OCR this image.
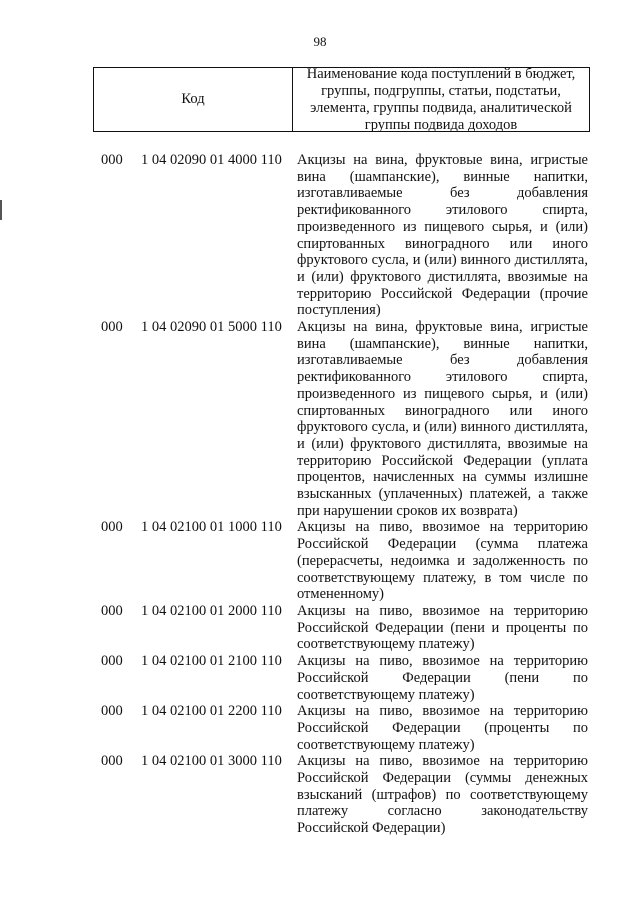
98
Код
Наименование кода поступлений в бюджет, группы, подгруппы, статьи, подстатьи, элемента, группы подвида, аналитической группы подвида доходов
000 1 04 02090 01 4000 110 Акцизы на вина, фруктовые вина, игристые вина (шампанские), винные напитки, изготавливаемые без добавления ректификованного этилового спирта, произведенного из пищевого сырья, и (или) спиртованных виноградного или иного фруктового сусла, и (или) винного дистиллята, и (или) фруктового дистиллята, ввозимые на территорию Российской Федерации (прочие поступления)
000 1 04 02090 01 5000 110 Акцизы на вина, фруктовые вина, игристые вина (шампанские), винные напитки, изготавливаемые без добавления ректификованного этилового спирта, произведенного из пищевого сырья, и (или) спиртованных виноградного или иного фруктового сусла, и (или) винного дистиллята, и (или) фруктового дистиллята, ввозимые на территорию Российской Федерации (уплата процентов, начисленных на суммы излишне взысканных (уплаченных) платежей, а также при нарушении сроков их возврата)
000 1 04 02100 01 1000 110 Акцизы на пиво, ввозимое на территорию Российской Федерации (сумма платежа (перерасчеты, недоимка и задолженность по соответствующему платежу, в том числе по отмененному)
000 1 04 02100 01 2000 110 Акцизы на пиво, ввозимое на территорию Российской Федерации (пени и проценты по соответствующему платежу)
000 1 04 02100 01 2100 110 Акцизы на пиво, ввозимое на территорию Российской Федерации (пени по соответствующему платежу)
000 1 04 02100 01 2200 110 Акцизы на пиво, ввозимое на территорию Российской Федерации (проценты по соответствующему платежу)
000 1 04 02100 01 3000 110 Акцизы на пиво, ввозимое на территорию Российской Федерации (суммы денежных взысканий (штрафов) по соответствующему платежу согласно законодательству Российской Федерации)
